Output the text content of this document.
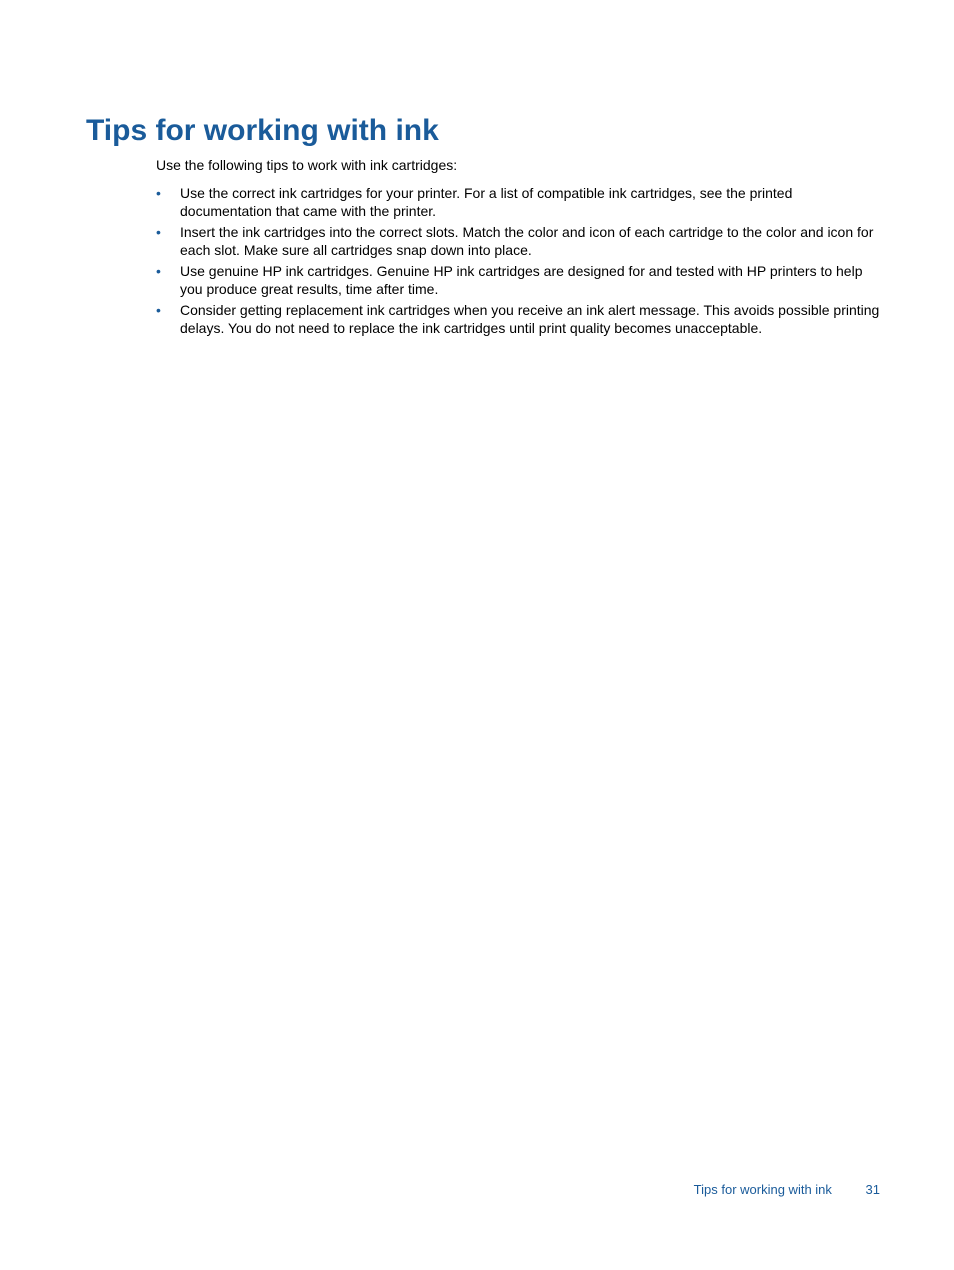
Tips for working with ink

Use the following tips to work with ink cartridges:

• Use the correct ink cartridges for your printer. For a list of compatible ink cartridges, see the printed documentation that came with the printer.
• Insert the ink cartridges into the correct slots. Match the color and icon of each cartridge to the color and icon for each slot. Make sure all cartridges snap down into place.
• Use genuine HP ink cartridges. Genuine HP ink cartridges are designed for and tested with HP printers to help you produce great results, time after time.
• Consider getting replacement ink cartridges when you receive an ink alert message. This avoids possible printing delays. You do not need to replace the ink cartridges until print quality becomes unacceptable.
Tips for working with ink	31
